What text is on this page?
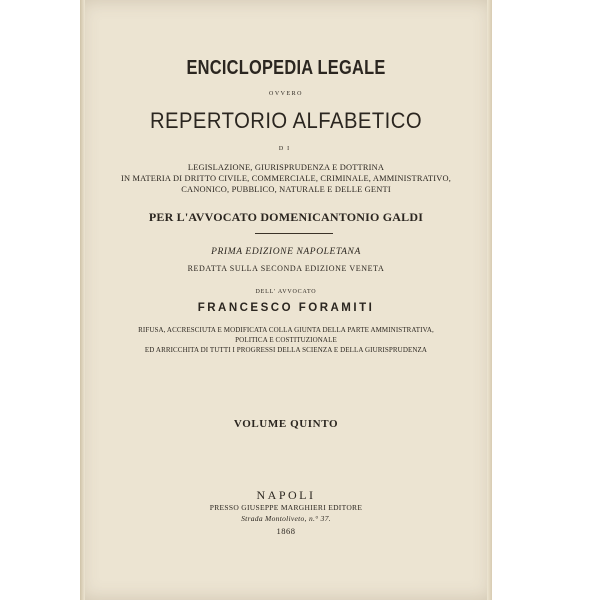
ENCICLOPEDIA LEGALE
OVVERO
REPERTORIO ALFABETICO
DI
LEGISLAZIONE, GIURISPRUDENZA E DOTTRINA
IN MATERIA DI DRITTO CIVILE, COMMERCIALE, CRIMINALE, AMMINISTRATIVO,
CANONICO, PUBBLICO, NATURALE E DELLE GENTI
PER L'AVVOCATO DOMENICANTONIO GALDI
PRIMA EDIZIONE NAPOLETANA
REDATTA SULLA SECONDA EDIZIONE VENETA
DELL' AVVOCATO
FRANCESCO FORAMITI
RIFUSA, ACCRESCIUTA E MODIFICATA COLLA GIUNTA DELLA PARTE AMMINISTRATIVA,
POLITICA E COSTITUZIONALE
ED ARRICCHITA DI TUTTI I PROGRESSI DELLA SCIENZA E DELLA GIURISPRUDENZA
VOLUME QUINTO
NAPOLI
PRESSO GIUSEPPE MARGHIERI EDITORE
Strada Montoliveto, n.° 37.
1868
